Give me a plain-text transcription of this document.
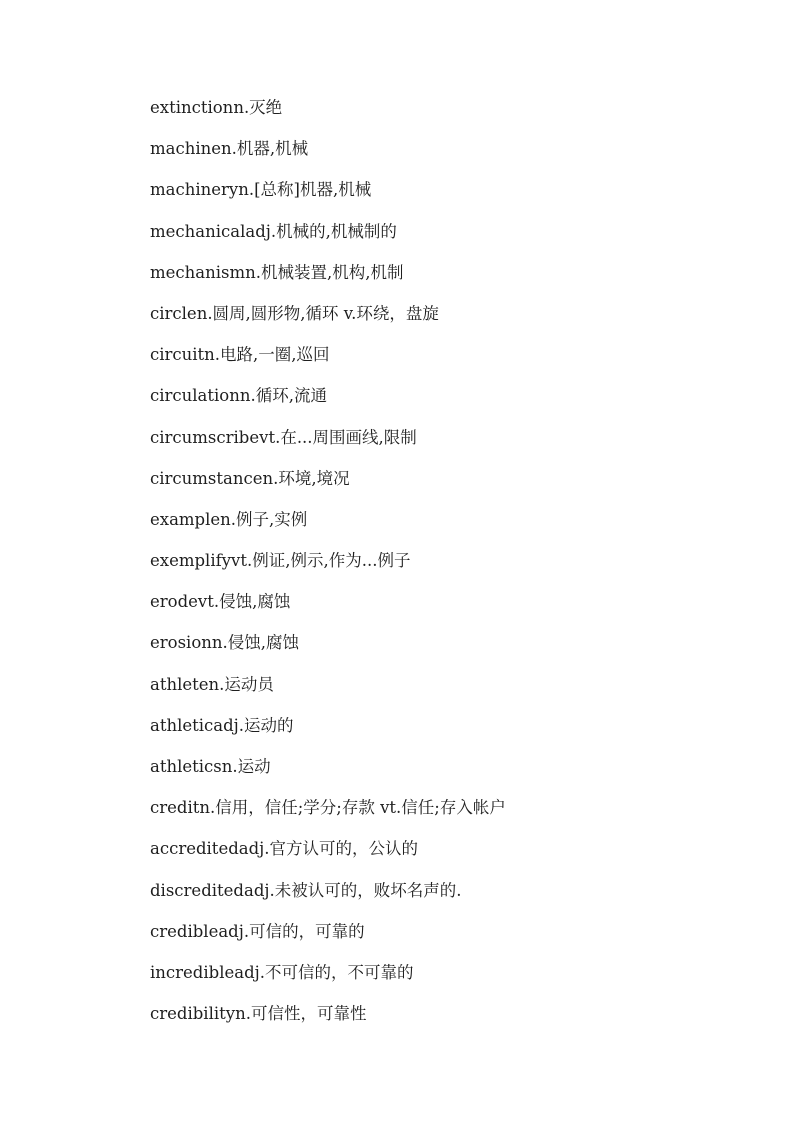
extinctionn.灭绝
machinen.机器,机械
machineryn.[总称]机器,机械
mechanicaladj.机械的,机械制的
mechanismn.机械装置,机构,机制
circlen.圆周,圆形物,循环 v.环绕，盘旋
circuitn.电路,一圈,巡回
circulationn.循环,流通
circumscribevt.在...周围画线,限制
circumstancen.环境,境况
examplen.例子,实例
exemplifyvt.例证,例示,作为...例子
erodevt.侵蚀,腐蚀
erosionn.侵蚀,腐蚀
athleten.运动员
athleticadj.运动的
athleticsn.运动
creditn.信用，信任;学分;存款 vt.信任;存入帐户
accreditedadj.官方认可的，公认的
discreditedadj.未被认可的，败坏名声的.
credibleadj.可信的，可靠的
incredibleadj.不可信的，不可靠的
credibilityn.可信性，可靠性
